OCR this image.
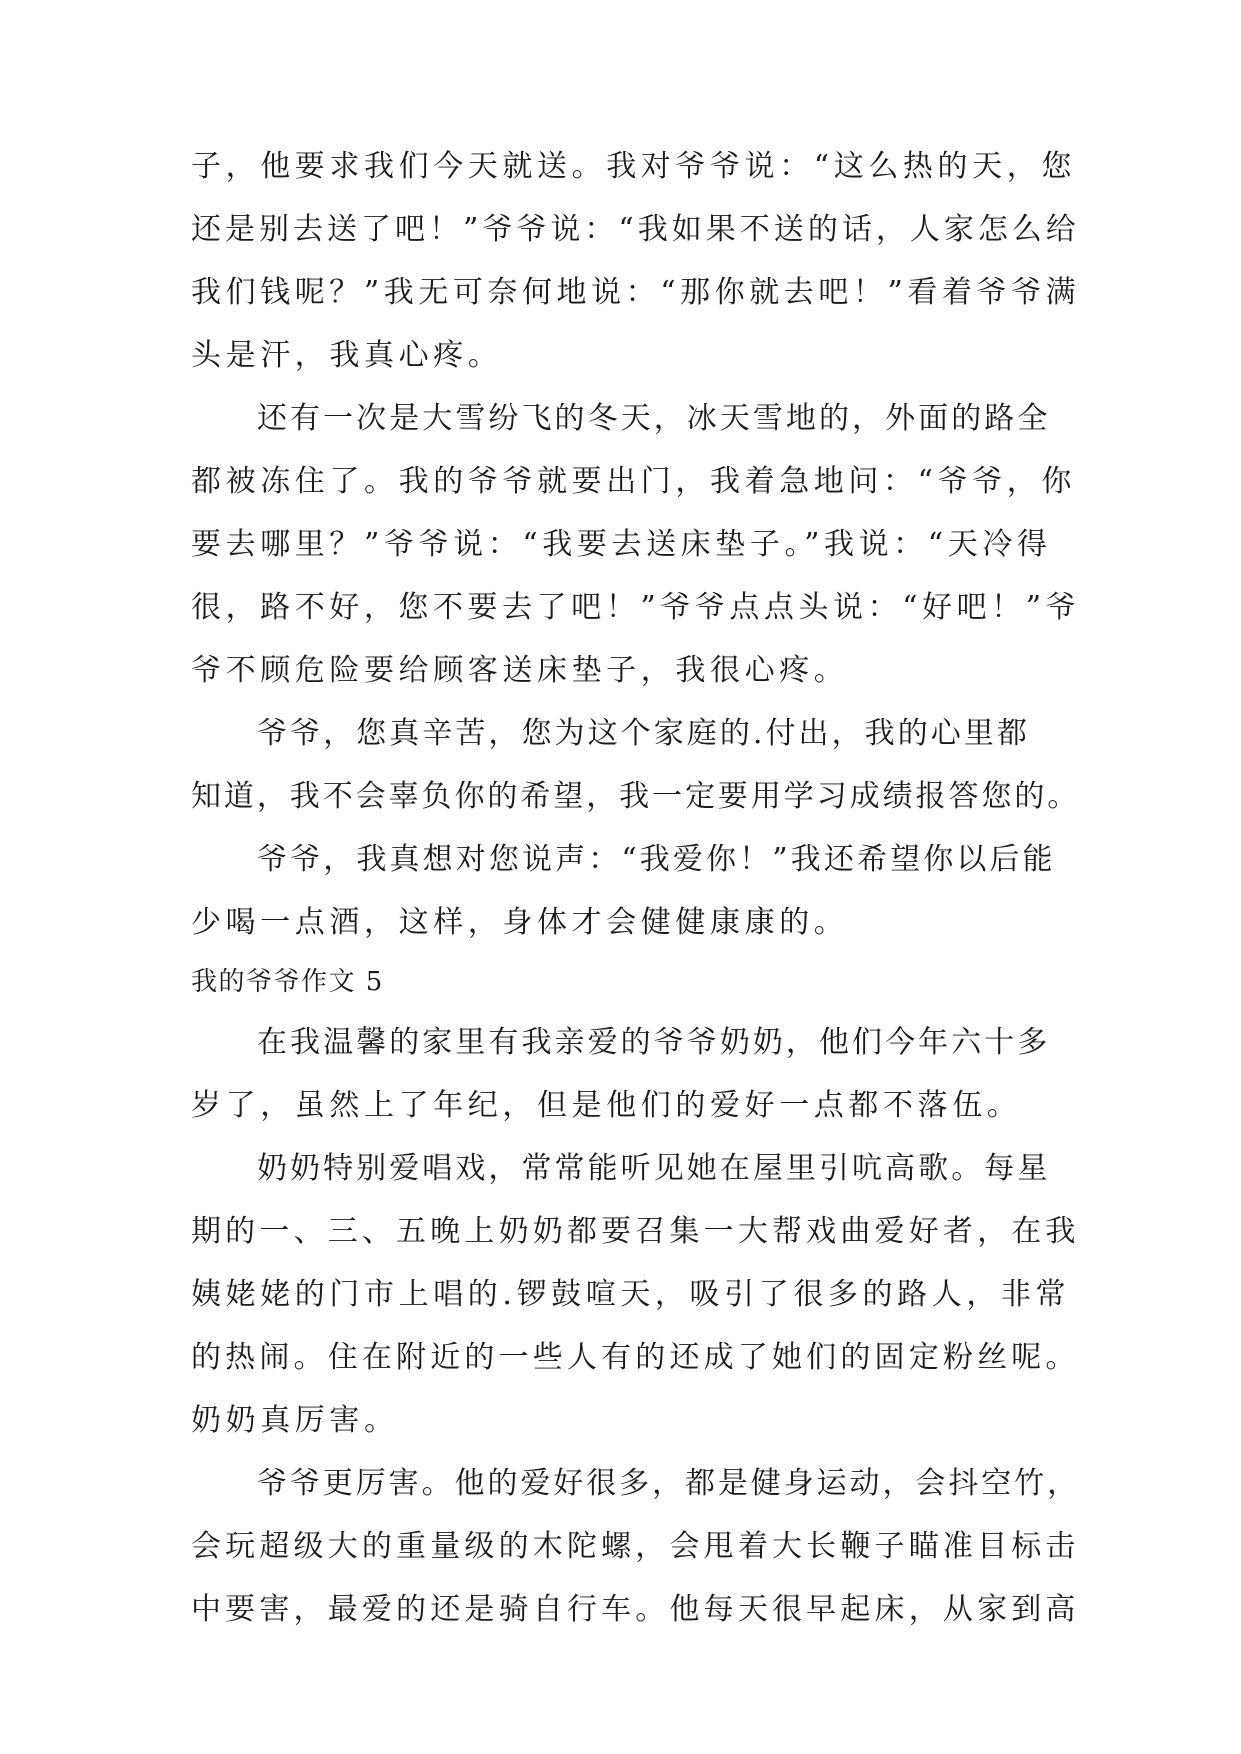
子，他要求我们今天就送。我对爷爷说：“这么热的天，您
还是别去送了吧！”爷爷说：“我如果不送的话，人家怎么给
我们钱呢？”我无可奈何地说：“那你就去吧！”看着爷爷满
头是汗，我真心疼。
还有一次是大雪纷飞的冬天，冰天雪地的，外面的路全
都被冻住了。我的爷爷就要出门，我着急地问：“爷爷，你
要去哪里？”爷爷说：“我要去送床垫子。”我说：“天冷得
很，路不好，您不要去了吧！”爷爷点点头说：“好吧！”爷
爷不顾危险要给顾客送床垫子，我很心疼。
爷爷，您真辛苦，您为这个家庭的.付出，我的心里都
知道，我不会辜负你的希望，我一定要用学习成绩报答您的。
爷爷，我真想对您说声：“我爱你！”我还希望你以后能
少喝一点酒，这样，身体才会健健康康的。
我的爷爷作文 5
在我温馨的家里有我亲爱的爷爷奶奶，他们今年六十多
岁了，虽然上了年纪，但是他们的爱好一点都不落伍。
奶奶特别爱唱戏，常常能听见她在屋里引吭高歌。每星
期的一、三、五晚上奶奶都要召集一大帮戏曲爱好者，在我
姨姥姥的门市上唱的.锣鼓喧天，吸引了很多的路人，非常
的热闹。住在附近的一些人有的还成了她们的固定粉丝呢。
奶奶真厉害。
爷爷更厉害。他的爱好很多，都是健身运动，会抖空竹，
会玩超级大的重量级的木陀螺，会甩着大长鞭子瞄准目标击
中要害，最爱的还是骑自行车。他每天很早起床，从家到高
